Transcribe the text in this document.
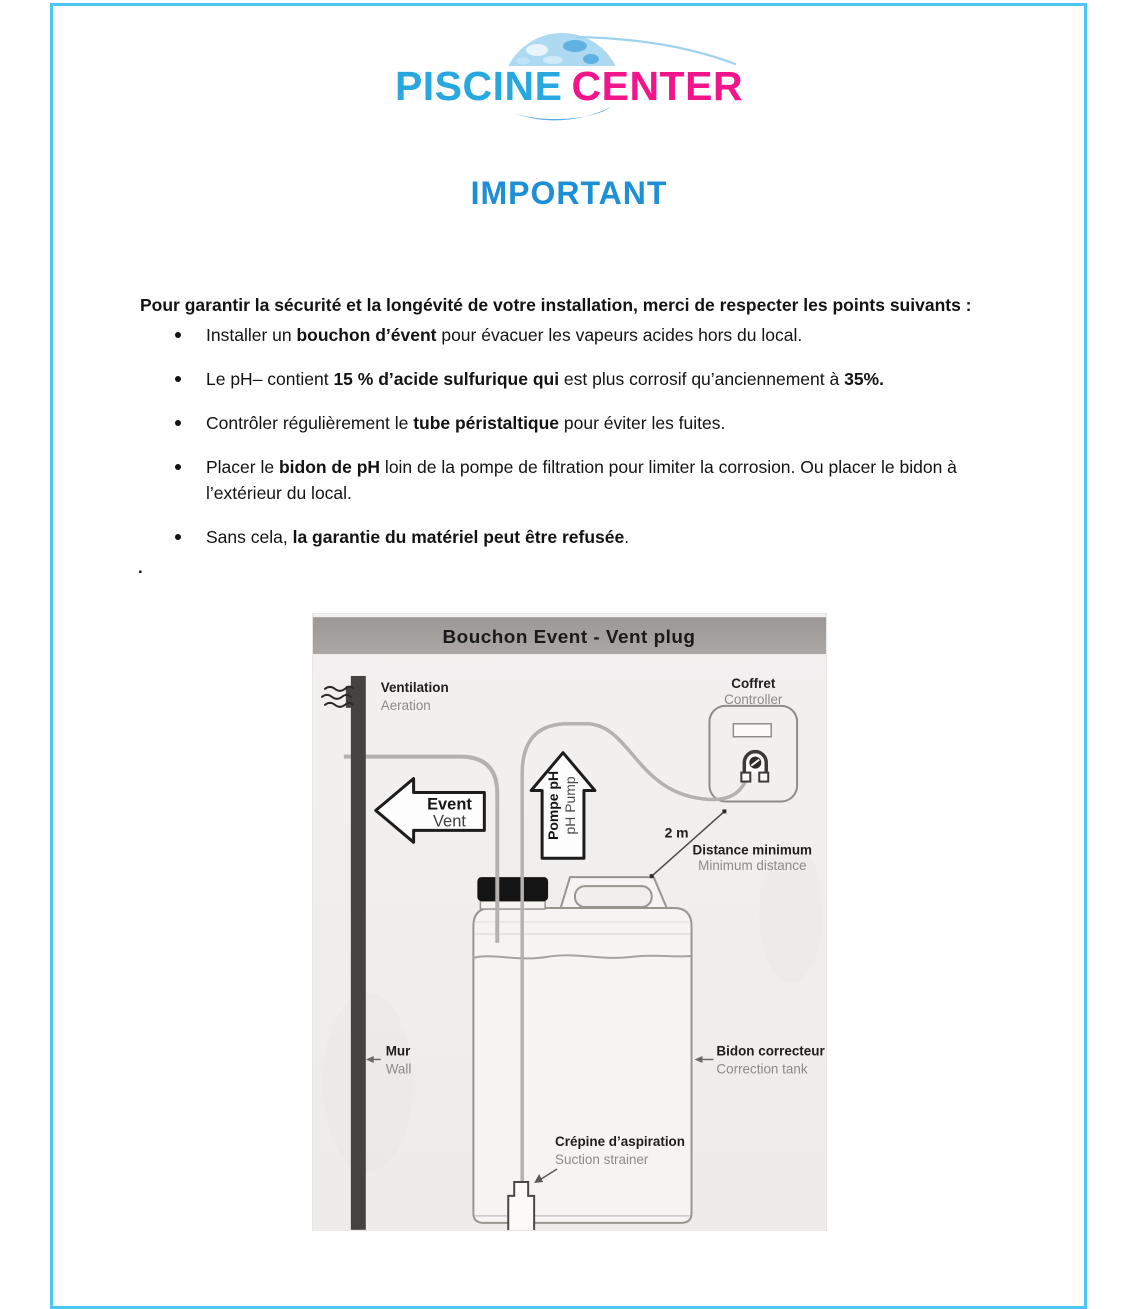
PISCINE CENTER
IMPORTANT

Pour garantir la sécurité et la longévité de votre installation, merci de respecter les points suivants :

Installer un bouchon d’évent pour évacuer les vapeurs acides hors du local.
Le pH– contient 15 % d’acide sulfurique qui est plus corrosif qu’anciennement à 35%.
Contrôler régulièrement le tube péristaltique pour éviter les fuites.
Placer le bidon de pH loin de la pompe de filtration pour limiter la corrosion. Ou placer le bidon à l’extérieur du local.
Sans cela, la garantie du matériel peut être refusée.
.
Bouchon Event - Vent plug
Event
Vent	Pompe pH pH Pump	2 m
Distance minimum
Minimum distance
Ventilation
Aeration
Coffret
Controller
Mur
Wall
Bidon correcteur
Correction tank
Crépine d’aspiration
Suction strainer
